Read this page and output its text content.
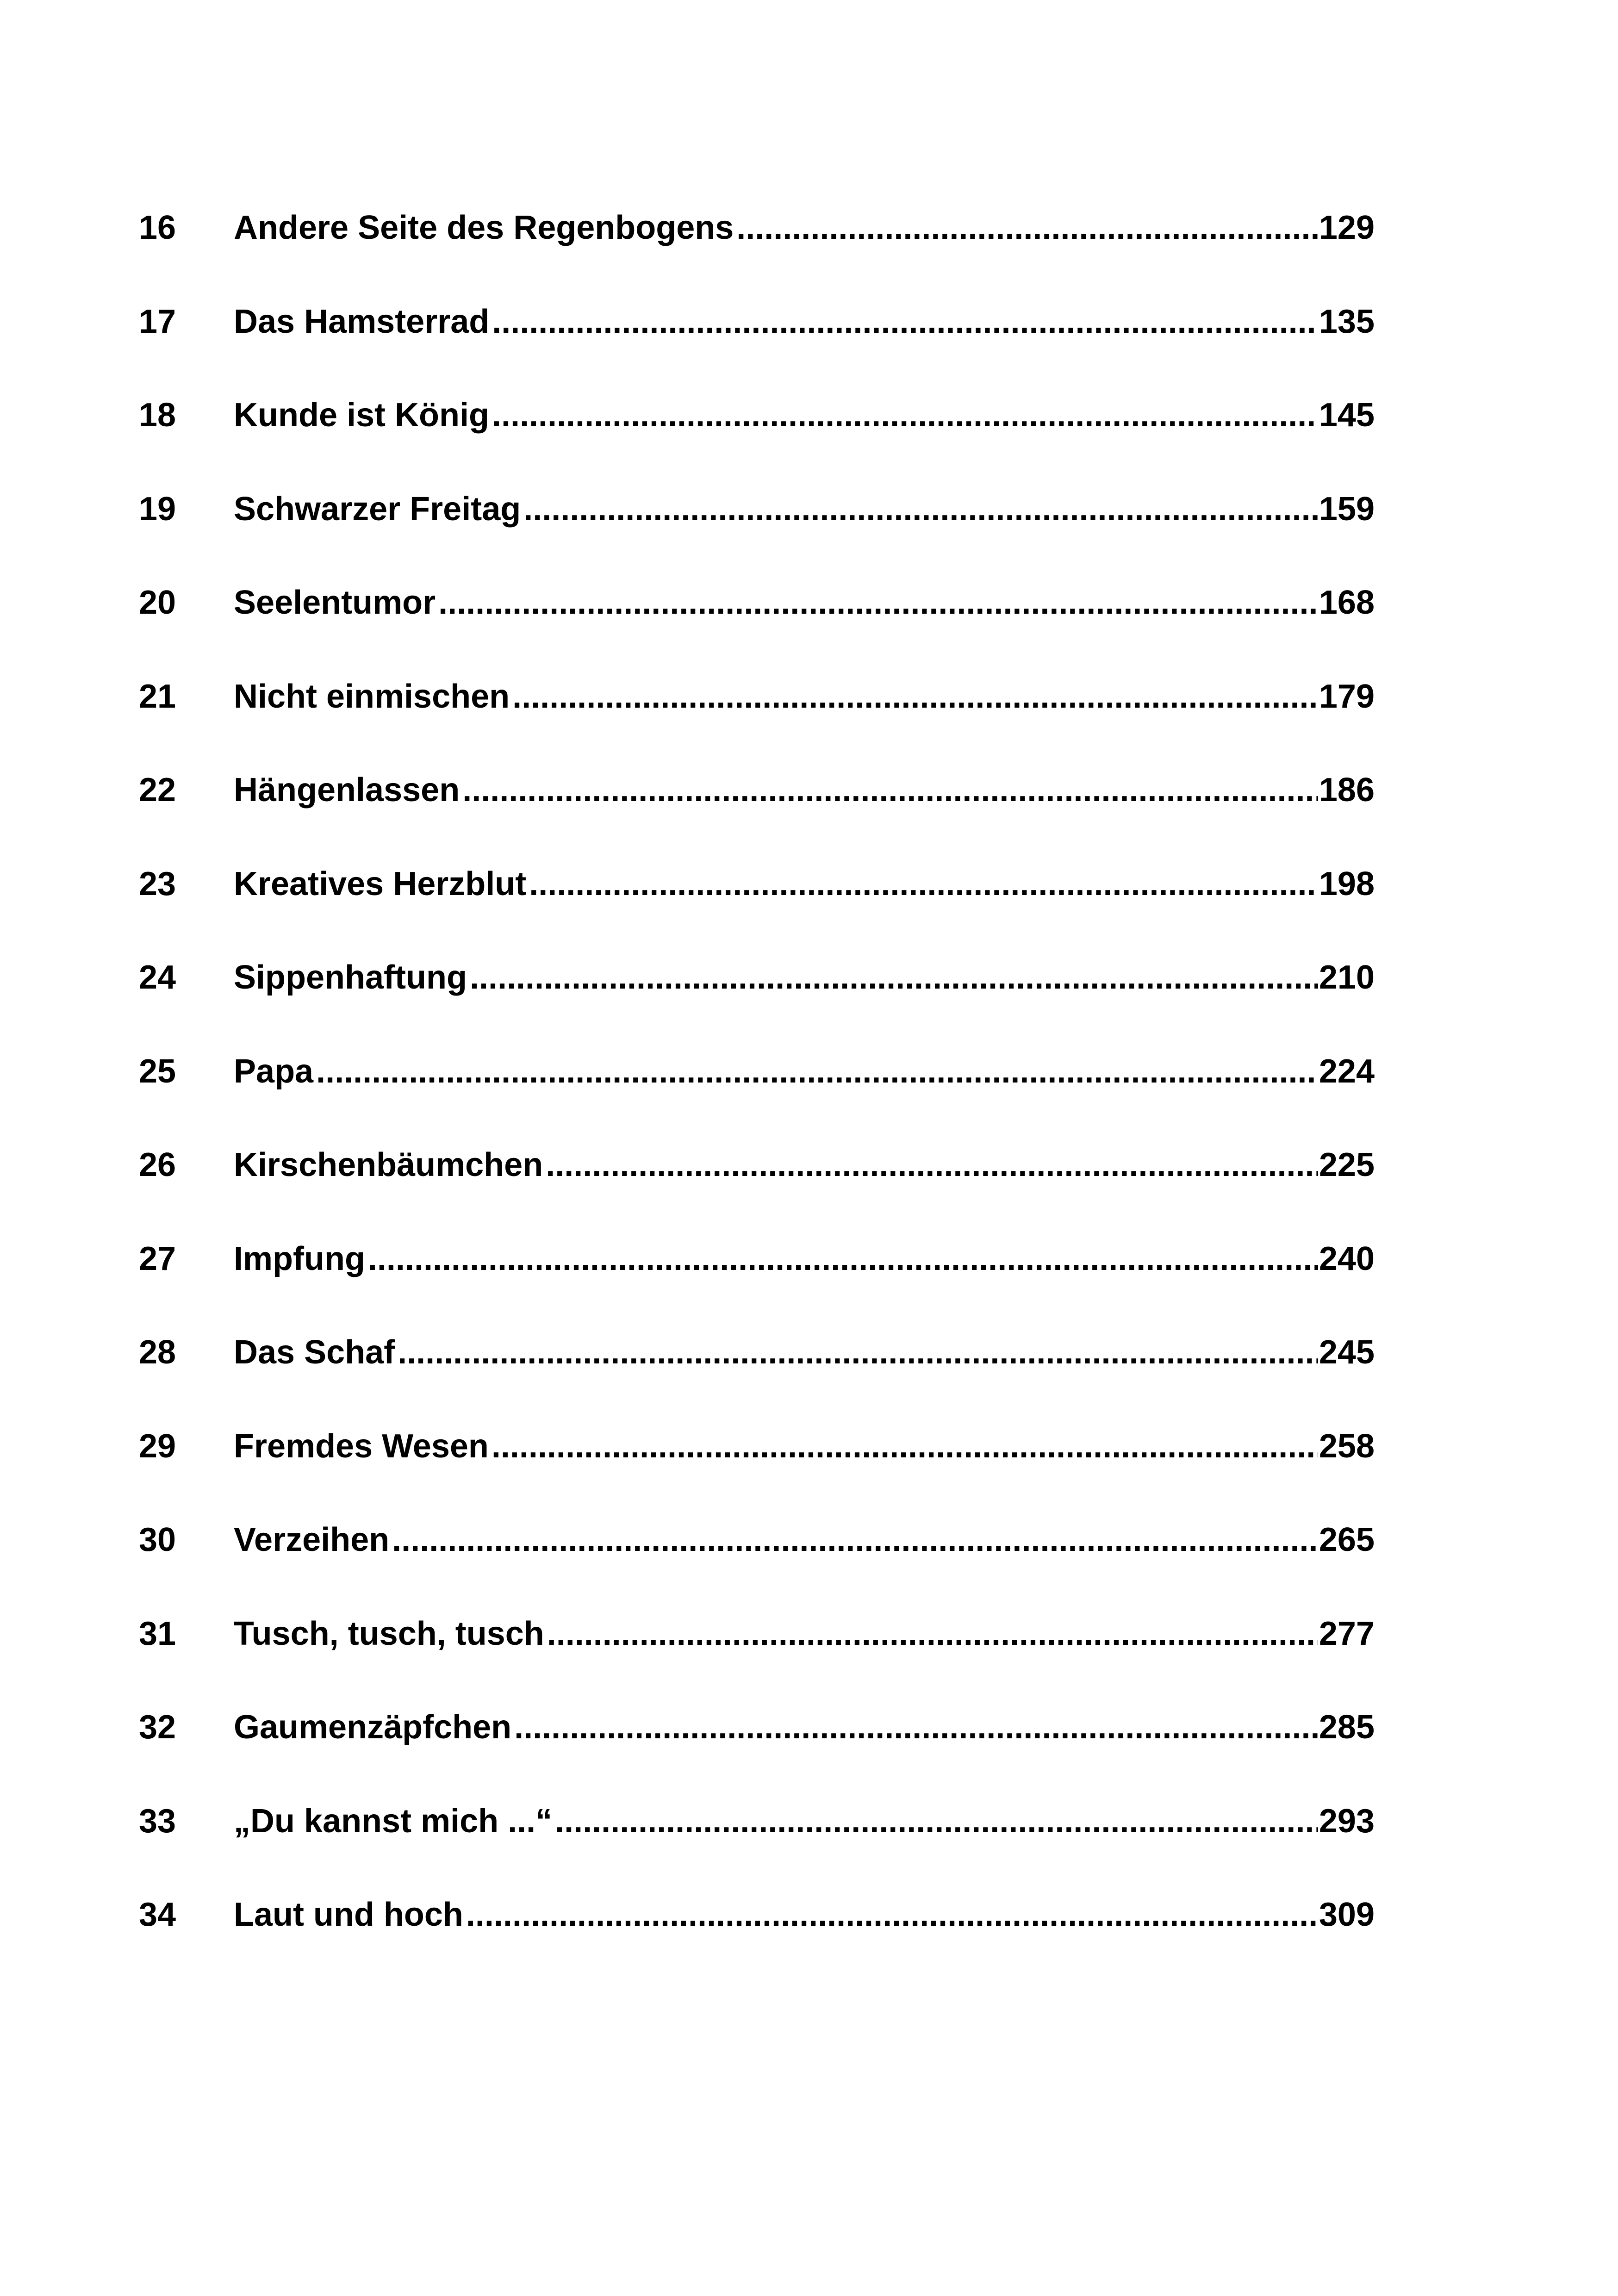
16	Andere Seite des Regenbogens .....	129
17	Das Hamsterrad .....	135
18	Kunde ist König .....	145
19	Schwarzer Freitag .....	159
20	Seelentumor .....	168
21	Nicht einmischen .....	179
22	Hängenlassen .....	186
23	Kreatives Herzblut .....	198
24	Sippenhaftung .....	210
25	Papa .....	224
26	Kirschenbäumchen .....	225
27	Impfung .....	240
28	Das Schaf .....	245
29	Fremdes Wesen .....	258
30	Verzeihen .....	265
31	Tusch, tusch, tusch .....	277
32	Gaumenzäpfchen .....	285
33	„Du kannst mich ...“ .....	293
34	Laut und hoch .....	309
